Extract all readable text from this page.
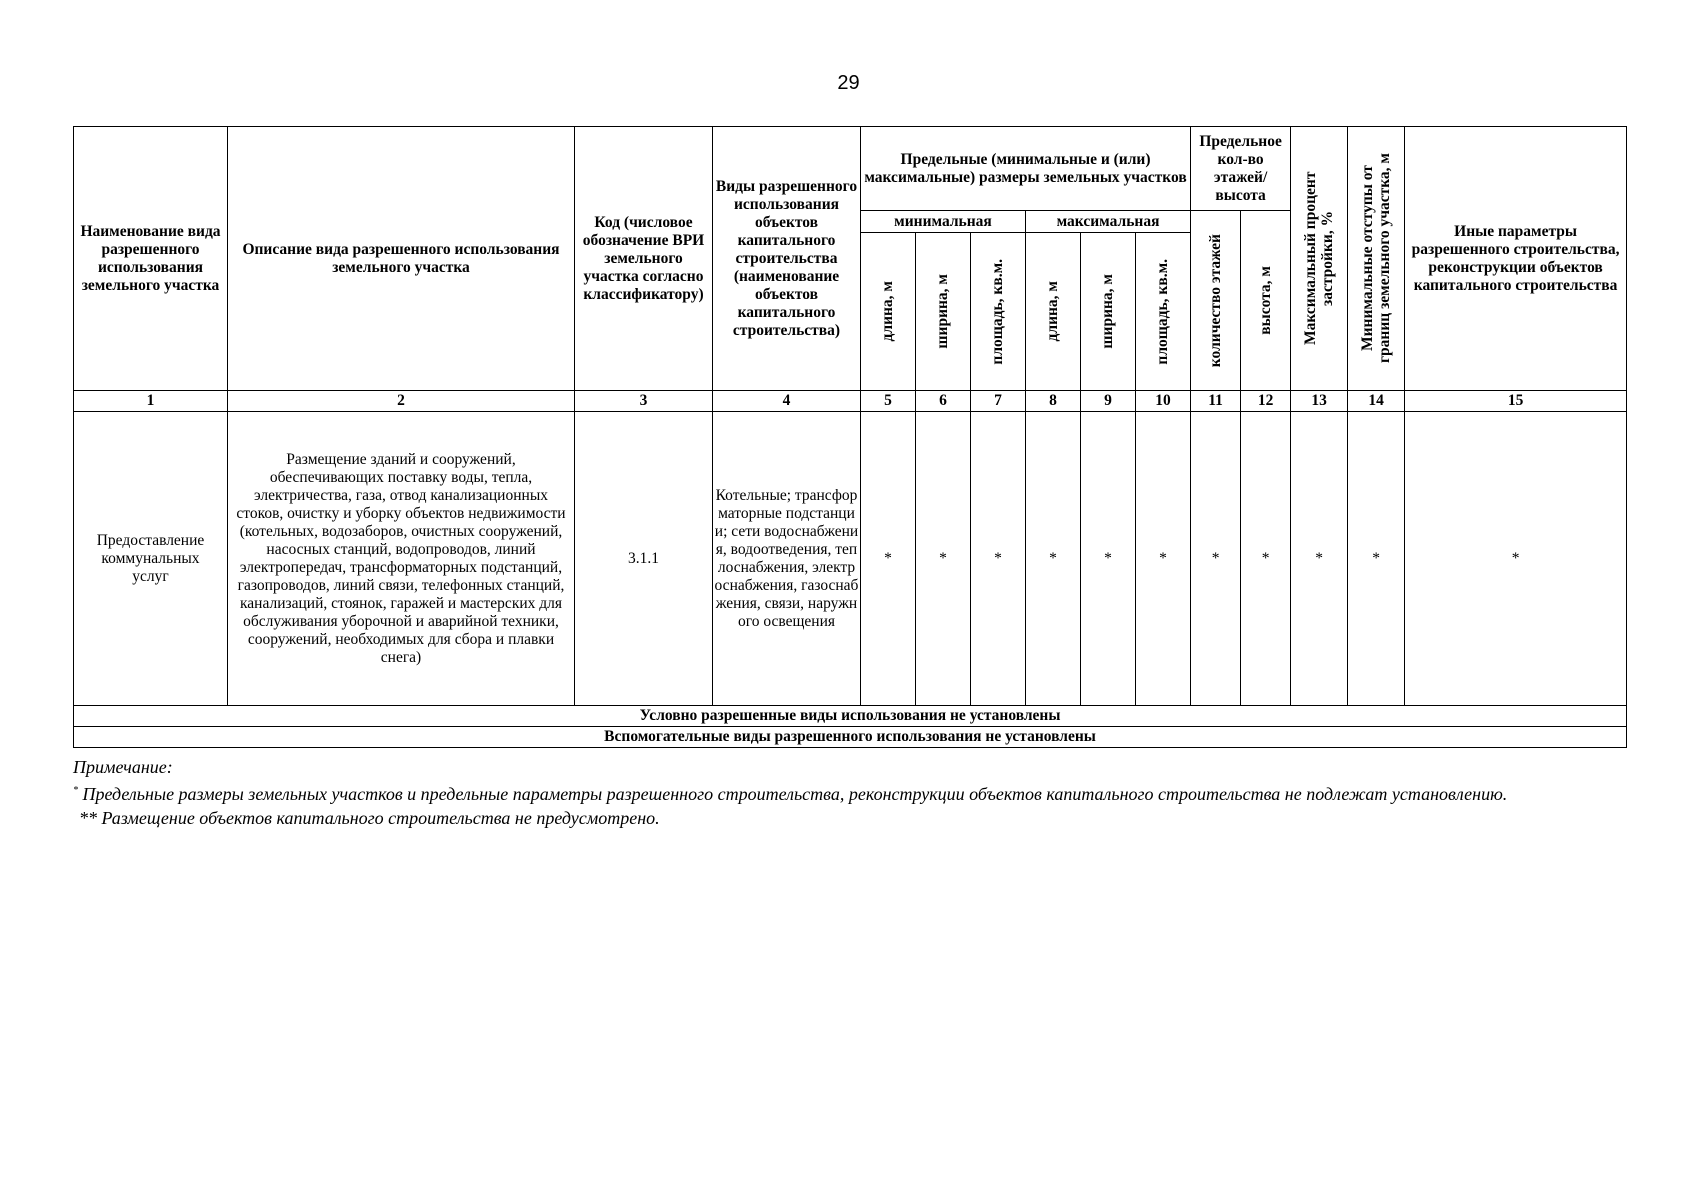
29
Наименование вида разрешенного использования земельного участка	Описание вида разрешенного использования земельного участка	Код (числовое обозначение ВРИ земельного участка согласно классификатору)	Виды разрешенного использования объектов капитального строительства (наименование объектов капитального строительства)	Предельные (минимальные и (или) максимальные) размеры земельных участков						Предельное кол-во этажей/ высота		Максимальный процент застройки, %	Минимальные отступы от границ земельного участка, м	Иные параметры разрешенного строительства, реконструкции объектов капитального строительства
				минимальная			максимальная			количество этажей	высота, м			

				длина, м	ширина, м	площадь, кв.м.	длина, м	ширина, м	площадь, кв.м.					

1	2	3	4	5	6	7	8	9	10	11	12	13	14	15
Предоставление коммунальных услуг	Размещение зданий и сооружений, обеспечивающих поставку воды, тепла, электричества, газа, отвод канализационных стоков, очистку и уборку объектов недвижимости (котельных, водозаборов, очистных сооружений, насосных станций, водопроводов, линий электропередач, трансформаторных подстанций, газопроводов, линий связи, телефонных станций, канализаций, стоянок, гаражей и мастерских для обслуживания уборочной и аварийной техники, сооружений, необходимых для сбора и плавки снега)	3.1.1	Котельные; трансформаторные подстанции; сети водоснабжения, водоотведения, теплоснабжения, электроснабжения, газоснабжения, связи, наружного освещения	*	*	*	*	*	*	*	*	*	*	*
Условно разрешенные виды использования не установлены														
Вспомогательные виды разрешенного использования не установлены														

Примечание:

* Предельные размеры земельных участков и предельные параметры разрешенного строительства, реконструкции объектов капитального строительства не подлежат установлению.

** Размещение объектов капитального строительства не предусмотрено.
